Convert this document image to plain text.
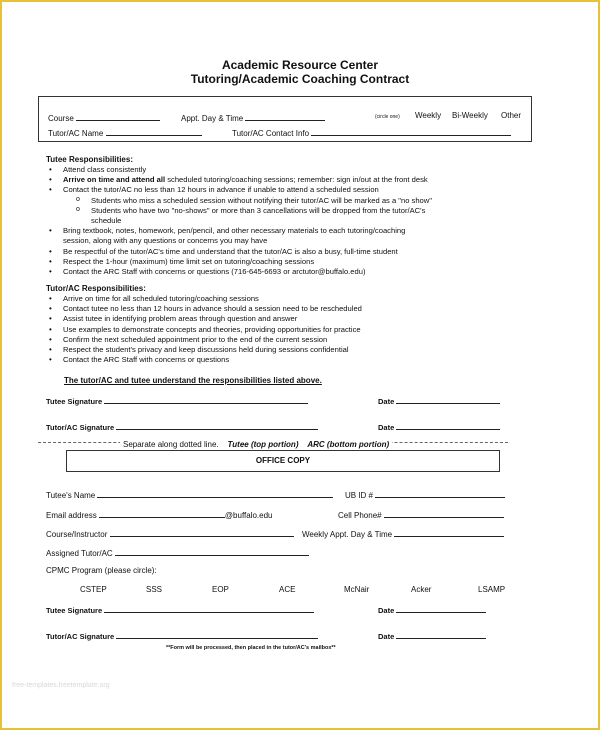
Academic Resource Center
Tutoring/Academic Coaching Contract
Course	Appt. Day & Time	(circle one) Weekly Bi-Weekly Other
Tutor/AC Name	Tutor/AC Contact Info
Tutee Responsibilities:
• Attend class consistently
• Arrive on time and attend all scheduled tutoring/coaching sessions; remember: sign in/out at the front desk
• Contact the tutor/AC no less than 12 hours in advance if unable to attend a scheduled session
o Students who miss a scheduled session without notifying their tutor/AC will be marked as a "no show"
o Students who have two "no-shows" or more than 3 cancellations will be dropped from the tutor/AC's
schedule
• Bring textbook, notes, homework, pen/pencil, and other necessary materials to each tutoring/coaching
session, along with any questions or concerns you may have
• Be respectful of the tutor/AC's time and understand that the tutor/AC is also a busy, full-time student
• Respect the 1-hour (maximum) time limit set on tutoring/coaching sessions
• Contact the ARC Staff with concerns or questions (716-645-6693 or arctutor@buffalo.edu)
Tutor/AC Responsibilities:
• Arrive on time for all scheduled tutoring/coaching sessions
• Contact tutee no less than 12 hours in advance should a session need to be rescheduled
• Assist tutee in identifying problem areas through question and answer
• Use examples to demonstrate concepts and theories, providing opportunities for practice
• Confirm the next scheduled appointment prior to the end of the current session
• Respect the student's privacy and keep discussions held during sessions confidential
• Contact the ARC Staff with concerns or questions
The tutor/AC and tutee understand the responsibilities listed above.
Tutee Signature	Date
Tutor/AC Signature	Date
Separate along dotted line. Tutee (top portion) ARC (bottom portion)
OFFICE COPY
Tutee's Name	UB ID #
Email address	@buffalo.edu	Cell Phone#
Course/Instructor	Weekly Appt. Day & Time
Assigned Tutor/AC
CPMC Program (please circle):
CSTEP	SSS	EOP	ACE	McNair	Acker	LSAMP
Tutee Signature	Date
Tutor/AC Signature	Date
**Form will be processed, then placed in the tutor/AC's mailbox**
free-templates.freetemplate.org
